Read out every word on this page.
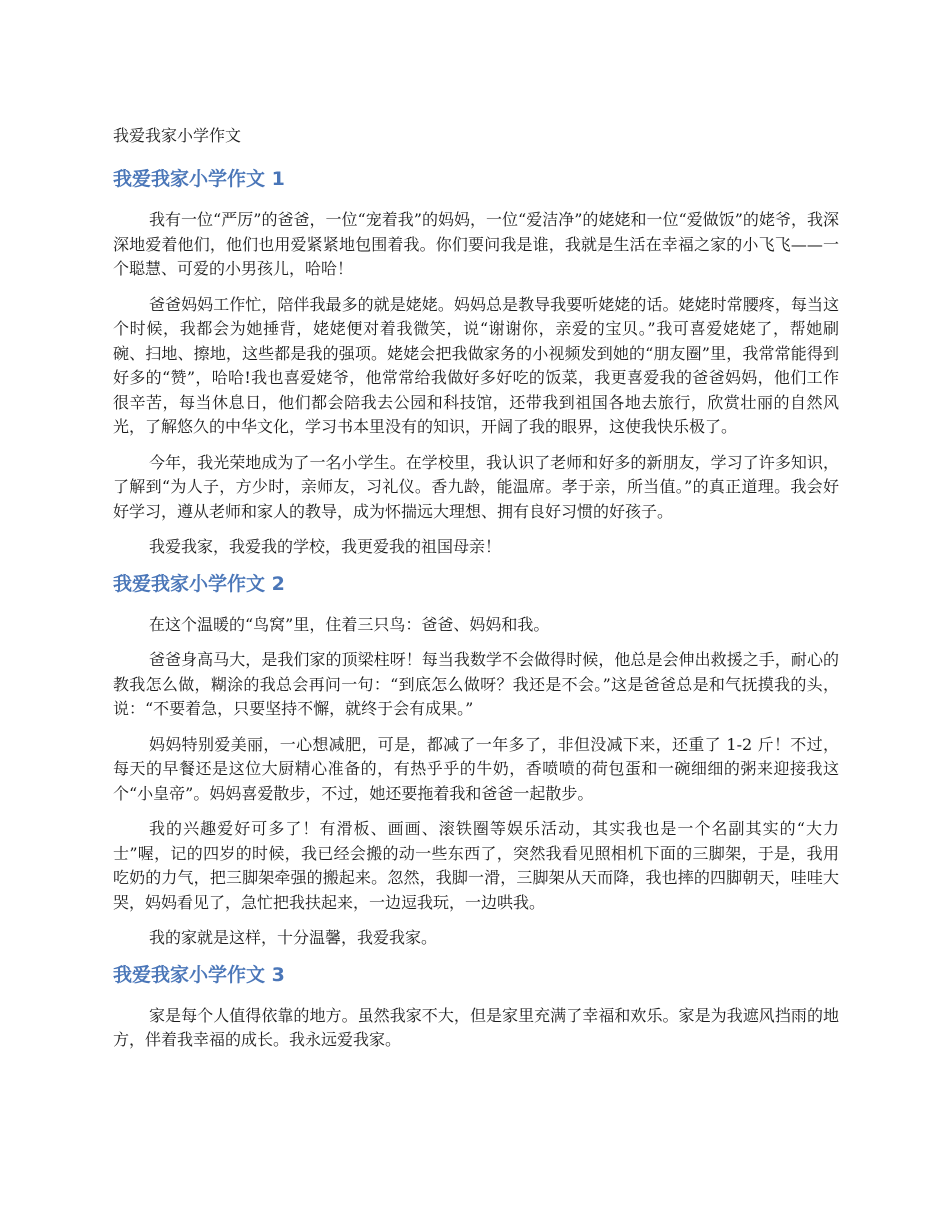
我爱我家小学作文
我爱我家小学作文 1

我有一位“严厉”的爸爸，一位“宠着我”的妈妈，一位“爱洁净”的姥姥和一位“爱做饭”的姥爷，我深深地爱着他们，他们也用爱紧紧地包围着我。你们要问我是谁，我就是生活在幸福之家的小飞飞——一个聪慧、可爱的小男孩儿，哈哈！

爸爸妈妈工作忙，陪伴我最多的就是姥姥。妈妈总是教导我要听姥姥的话。姥姥时常腰疼，每当这个时候，我都会为她捶背，姥姥便对着我微笑，说“谢谢你，亲爱的宝贝。”我可喜爱姥姥了，帮她刷碗、扫地、擦地，这些都是我的强项。姥姥会把我做家务的小视频发到她的“朋友圈”里，我常常能得到好多的“赞”，哈哈!我也喜爱姥爷，他常常给我做好多好吃的饭菜，我更喜爱我的爸爸妈妈，他们工作很辛苦，每当休息日，他们都会陪我去公园和科技馆，还带我到祖国各地去旅行，欣赏壮丽的自然风光，了解悠久的中华文化，学习书本里没有的知识，开阔了我的眼界，这使我快乐极了。

今年，我光荣地成为了一名小学生。在学校里，我认识了老师和好多的新朋友，学习了许多知识，了解到“为人子，方少时，亲师友，习礼仪。香九龄，能温席。孝于亲，所当值。”的真正道理。我会好好学习，遵从老师和家人的教导，成为怀揣远大理想、拥有良好习惯的好孩子。

我爱我家，我爱我的学校，我更爱我的祖国母亲！

我爱我家小学作文 2

在这个温暖的“鸟窝”里，住着三只鸟：爸爸、妈妈和我。

爸爸身高马大，是我们家的顶梁柱呀！每当我数学不会做得时候，他总是会伸出救援之手，耐心的教我怎么做，糊涂的我总会再问一句：“到底怎么做呀？我还是不会。”这是爸爸总是和气抚摸我的头，说：“不要着急，只要坚持不懈，就终于会有成果。”

妈妈特别爱美丽，一心想减肥，可是，都减了一年多了，非但没减下来，还重了 1-2 斤！不过，每天的早餐还是这位大厨精心准备的，有热乎乎的牛奶，香喷喷的荷包蛋和一碗细细的粥来迎接我这个“小皇帝”。妈妈喜爱散步，不过，她还要拖着我和爸爸一起散步。

我的兴趣爱好可多了！有滑板、画画、滚铁圈等娱乐活动，其实我也是一个名副其实的“大力士”喔，记的四岁的时候，我已经会搬的动一些东西了，突然我看见照相机下面的三脚架，于是，我用吃奶的力气，把三脚架牵强的搬起来。忽然，我脚一滑，三脚架从天而降，我也摔的四脚朝天，哇哇大哭，妈妈看见了，急忙把我扶起来，一边逗我玩，一边哄我。

我的家就是这样，十分温馨，我爱我家。

我爱我家小学作文 3

家是每个人值得依靠的地方。虽然我家不大，但是家里充满了幸福和欢乐。家是为我遮风挡雨的地方，伴着我幸福的成长。我永远爱我家。
